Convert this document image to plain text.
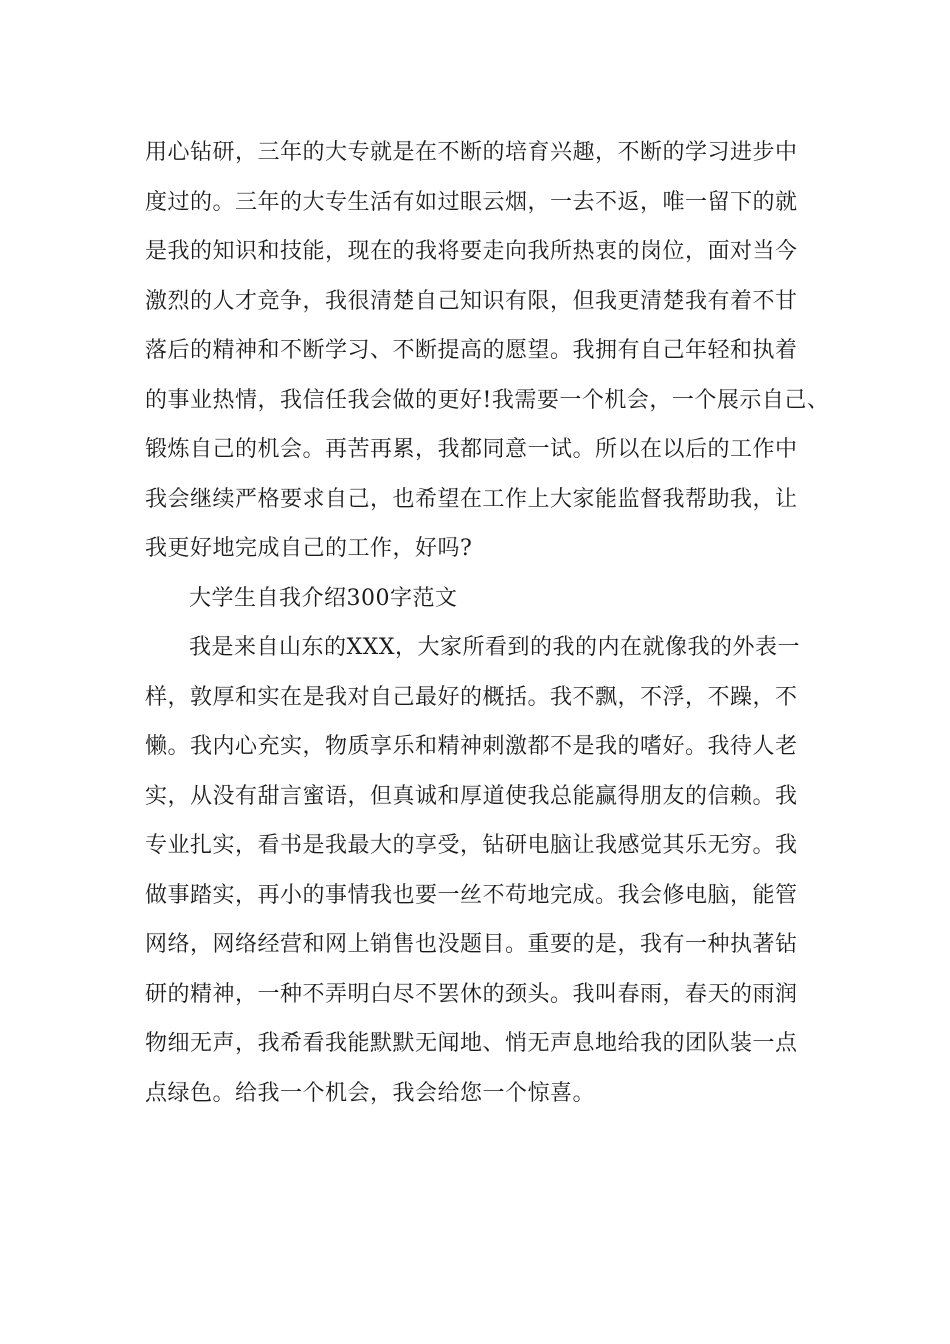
用心钻研，三年的大专就是在不断的培育兴趣，不断的学习进步中
度过的。三年的大专生活有如过眼云烟，一去不返，唯一留下的就
是我的知识和技能，现在的我将要走向我所热衷的岗位，面对当今
激烈的人才竞争，我很清楚自己知识有限，但我更清楚我有着不甘
落后的精神和不断学习、不断提高的愿望。我拥有自己年轻和执着
的事业热情，我信任我会做的更好!我需要一个机会，一个展示自己、
锻炼自己的机会。再苦再累，我都同意一试。所以在以后的工作中
我会继续严格要求自己，也希望在工作上大家能监督我帮助我，让
我更好地完成自己的工作，好吗?
大学生自我介绍300字范文
我是来自山东的XXX，大家所看到的我的内在就像我的外表一
样，敦厚和实在是我对自己最好的概括。我不飘，不浮，不躁，不
懒。我内心充实，物质享乐和精神刺激都不是我的嗜好。我待人老
实，从没有甜言蜜语，但真诚和厚道使我总能赢得朋友的信赖。我
专业扎实，看书是我最大的享受，钻研电脑让我感觉其乐无穷。我
做事踏实，再小的事情我也要一丝不苟地完成。我会修电脑，能管
网络，网络经营和网上销售也没题目。重要的是，我有一种执著钻
研的精神，一种不弄明白尽不罢休的颈头。我叫春雨，春天的雨润
物细无声，我希看我能默默无闻地、悄无声息地给我的团队装一点
点绿色。给我一个机会，我会给您一个惊喜。
